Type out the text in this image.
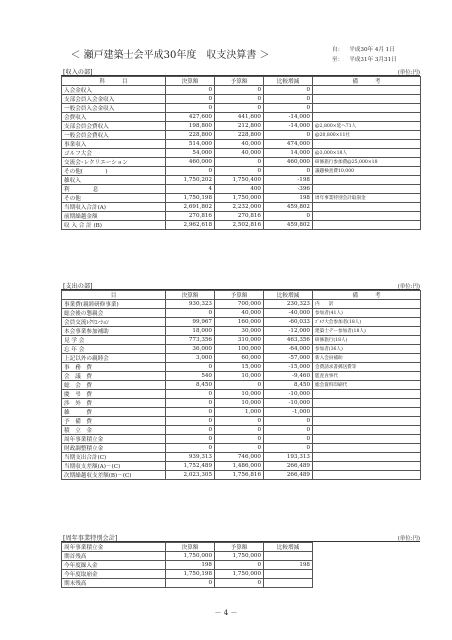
＜ 瀬戸建築士会平成30年度　収支決算書 ＞	自： 平成30年 4月 1日
至： 平成31年 3月31日
[収入の部]	(単位:円)
科　　　目	決算額	予算額	比較増減	備　　　考
入会金収入	0	0	0	
支部会員入会金収入	0	0	0	
一般会員入会金収入	0	0	0	
会費収入	427,600	441,600	-14,000	
支部会員会費収入	198,800	212,800	-14,000	@2,800×延へ71人
一般会員会費収入	228,800	228,800	0	@20,800×11社
事業収入	514,000	40,000	474,000	
ゴルフ大会	54,000	40,000	14,000	@3,000×18人
交流会･レクリエーション	460,000	0	460,000	研修旅行参加費@25,000×18
その他(　　　　)	0	0	0	議題検査費10,000
雑収入	1,750,202	1,750,400	-198	
利　　息	4	400	-396	
その他	1,750,198	1,750,000	198	周年事業特別会計取崩金
当期収入合計(A)	2,691,802	2,232,000	459,802	
前期繰越金額	270,816	270,816	0	
収 入 合 計 (B)	2,962,618	2,502,816	459,802	
[支出の部]	(単位:円)
目	決算額	予算額	比較増減	備　　　考
事業費(親睦研修事業)	930,323	700,000	230,323	内　　訳
総会後の懇親会	0	40,000	-40,000	参加者(41人)
会員交流ﾚｸﾘｴｰｼｮﾝ	99,967	160,000	-60,033	ｺﾞﾙﾌ大会参加者(18人)
本会事業参加補助	18,000	30,000	-12,000	建築士デー参加者(18人)
見 学 会	773,356	310,000	463,356	研修旅行(18人)
忘 年 会	36,000	100,000	-64,000	参加者(36人)
上記以外の親睦会	3,000	60,000	-57,000	新入会員補助
事　務　費	0	15,000	-15,000	会費請求書郵送費等
会　議　費	540	10,000	-9,460	監査食事代
総　会　費	8,450	0	8,450	総会資料印刷代
慶　弔　費	0	10,000	-10,000	
渉　外　費	0	10,000	-10,000	
雑　　　費	0	1,000	-1,000	
予　備　費	0	0	0	
積　立　金	0	0	0	
周年事業積立金	0	0	0	
財政調整積立金	0	0	0	
当期支出合計(C)	939,313	746,000	193,313	
当期収支差額(A)－(C)	1,752,489	1,486,000	266,489	
次期繰越収支差額(B)－(C)	2,023,305	1,756,816	266,489	
[周年事業特別会計]	(単位:円)
周年事業積立金	決算額	予算額	比較増減	
期首残高	1,750,000	1,750,000		
今年度繰入金	198	0	198	
今年度取崩金	1,750,198	1,750,000		
期末残高	0	0		
－ 4 －
